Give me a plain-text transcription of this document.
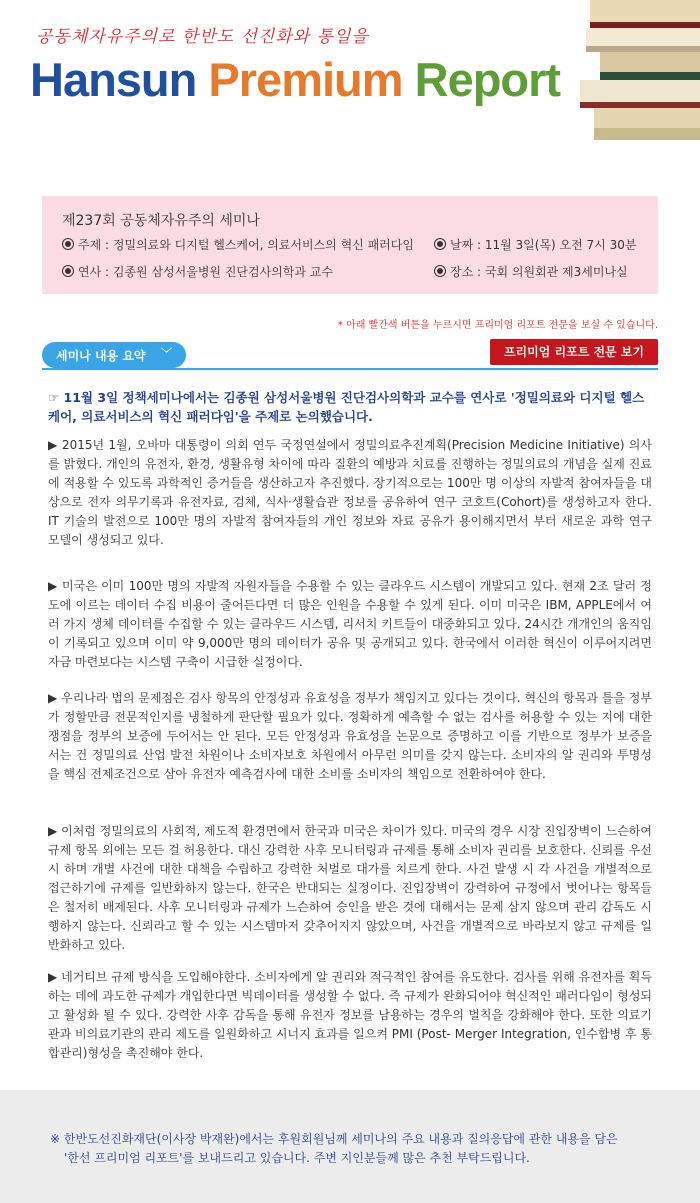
공동체자유주의로 한반도 선진화와 통일을
Hansun Premium Report
제237회 공동체자유주의 세미나
주제 : 정밀의료와 디지털 헬스케어, 의료서비스의 혁신 패러다임	날짜 : 11월 3일(목) 오전 7시 30분
연사 : 김종원 삼성서울병원 진단검사의학과 교수	장소 : 국회 의원회관 제3세미나실
* 아래 빨간색 버튼을 누르시면 프리미엄 리포트 전문을 보실 수 있습니다.
세미나 내용 요약 ﹀	프리미엄 리포트 전문 보기
☞ 11월 3일 정책세미나에서는 김종원 삼성서울병원 진단검사의학과 교수를 연사로 '정밀의료와 디지털 헬스케어, 의료서비스의 혁신 패러다임'을 주제로 논의했습니다.
▶ 2015년 1월, 오바마 대통령이 의회 연두 국정연설에서 정밀의료추진계획(Precision Medicine Initiative) 의사를 밝혔다. 개인의 유전자, 환경, 생활유형 차이에 따라 질환의 예방과 치료를 진행하는 정밀의료의 개념을 실제 진료에 적용할 수 있도록 과학적인 증거들을 생산하고자 추진했다. 장기적으로는 100만 명 이상의 자발적 참여자들을 대상으로 전자 의무기록과 유전자료, 검체, 식사·생활습관 정보를 공유하여 연구 코호트(Cohort)를 생성하고자 한다. IT 기술의 발전으로 100만 명의 자발적 참여자들의 개인 정보와 자료 공유가 용이해지면서 부터 새로운 과학 연구 모델이 생성되고 있다.
▶ 미국은 이미 100만 명의 자발적 자원자들을 수용할 수 있는 클라우드 시스템이 개발되고 있다. 현재 2조 달러 정도에 이르는 데이터 수집 비용이 줄어든다면 더 많은 인원을 수용할 수 있게 된다. 이미 미국은 IBM, APPLE에서 여러 가지 생체 데이터를 수집할 수 있는 클라우드 시스템, 리서치 키트들이 대중화되고 있다. 24시간 개개인의 움직임이 기록되고 있으며 이미 약 9,000만 명의 데이터가 공유 및 공개되고 있다. 한국에서 이러한 혁신이 이루어지려면 자금 마련보다는 시스템 구축이 시급한 실정이다.
▶ 우리나라 법의 문제점은 검사 항목의 안정성과 유효성을 정부가 책임지고 있다는 것이다. 혁신의 항목과 틀을 정부가 정할만큼 전문적인지를 냉철하게 판단할 필요가 있다. 정확하게 예측할 수 없는 검사를 허용할 수 있는 지에 대한 쟁점을 정부의 보증에 두어서는 안 된다. 모든 안정성과 유효성을 논문으로 증명하고 이를 기반으로 정부가 보증을 서는 건 정밀의료 산업 발전 차원이나 소비자보호 차원에서 아무런 의미를 갖지 않는다. 소비자의 알 권리와 투명성을 핵심 전제조건으로 삼아 유전자 예측검사에 대한 소비를 소비자의 책임으로 전환하여야 한다.
▶ 이처럼 정밀의료의 사회적, 제도적 환경면에서 한국과 미국은 차이가 있다. 미국의 경우 시장 진입장벽이 느슨하여 규제 항목 외에는 모든 걸 허용한다. 대신 강력한 사후 모니터링과 규제를 통해 소비자 권리를 보호한다. 신뢰를 우선시 하며 개별 사건에 대한 대책을 수립하고 강력한 처벌로 대가를 치르게 한다. 사건 발생 시 각 사건을 개별적으로 접근하기에 규제를 일반화하지 않는다. 한국은 반대되는 실정이다. 진입장벽이 강력하여 규정에서 벗어나는 항목들은 철저히 배제된다. 사후 모니터링과 규제가 느슨하여 승인을 받은 것에 대해서는 문제 삼지 않으며 관리 감독도 시행하지 않는다. 신뢰라고 할 수 있는 시스템마저 갖추어지지 않았으며, 사건을 개별적으로 바라보지 않고 규제를 일반화하고 있다.
▶ 네거티브 규제 방식을 도입해야한다. 소비자에게 알 권리와 적극적인 참여를 유도한다. 검사를 위해 유전자를 획득하는 데에 과도한 규제가 개입한다면 빅데이터를 생성할 수 없다. 즉 규제가 완화되어야 혁신적인 패러다임이 형성되고 활성화 될 수 있다. 강력한 사후 감독을 통해 유전자 정보를 남용하는 경우의 벌칙을 강화해야 한다. 또한 의료기관과 비의료기관의 관리 제도를 일원화하고 시너지 효과를 일으켜 PMI (Post- Merger Integration, 인수합병 후 통합관리)형성을 촉진해야 한다.
※ 한반도선진화재단(이사장 박재완)에서는 후원회원님께 세미나의 주요 내용과 질의응답에 관한 내용을 담은
'한선 프리미엄 리포트'를 보내드리고 있습니다. 주변 지인분들께 많은 추천 부탁드립니다.
